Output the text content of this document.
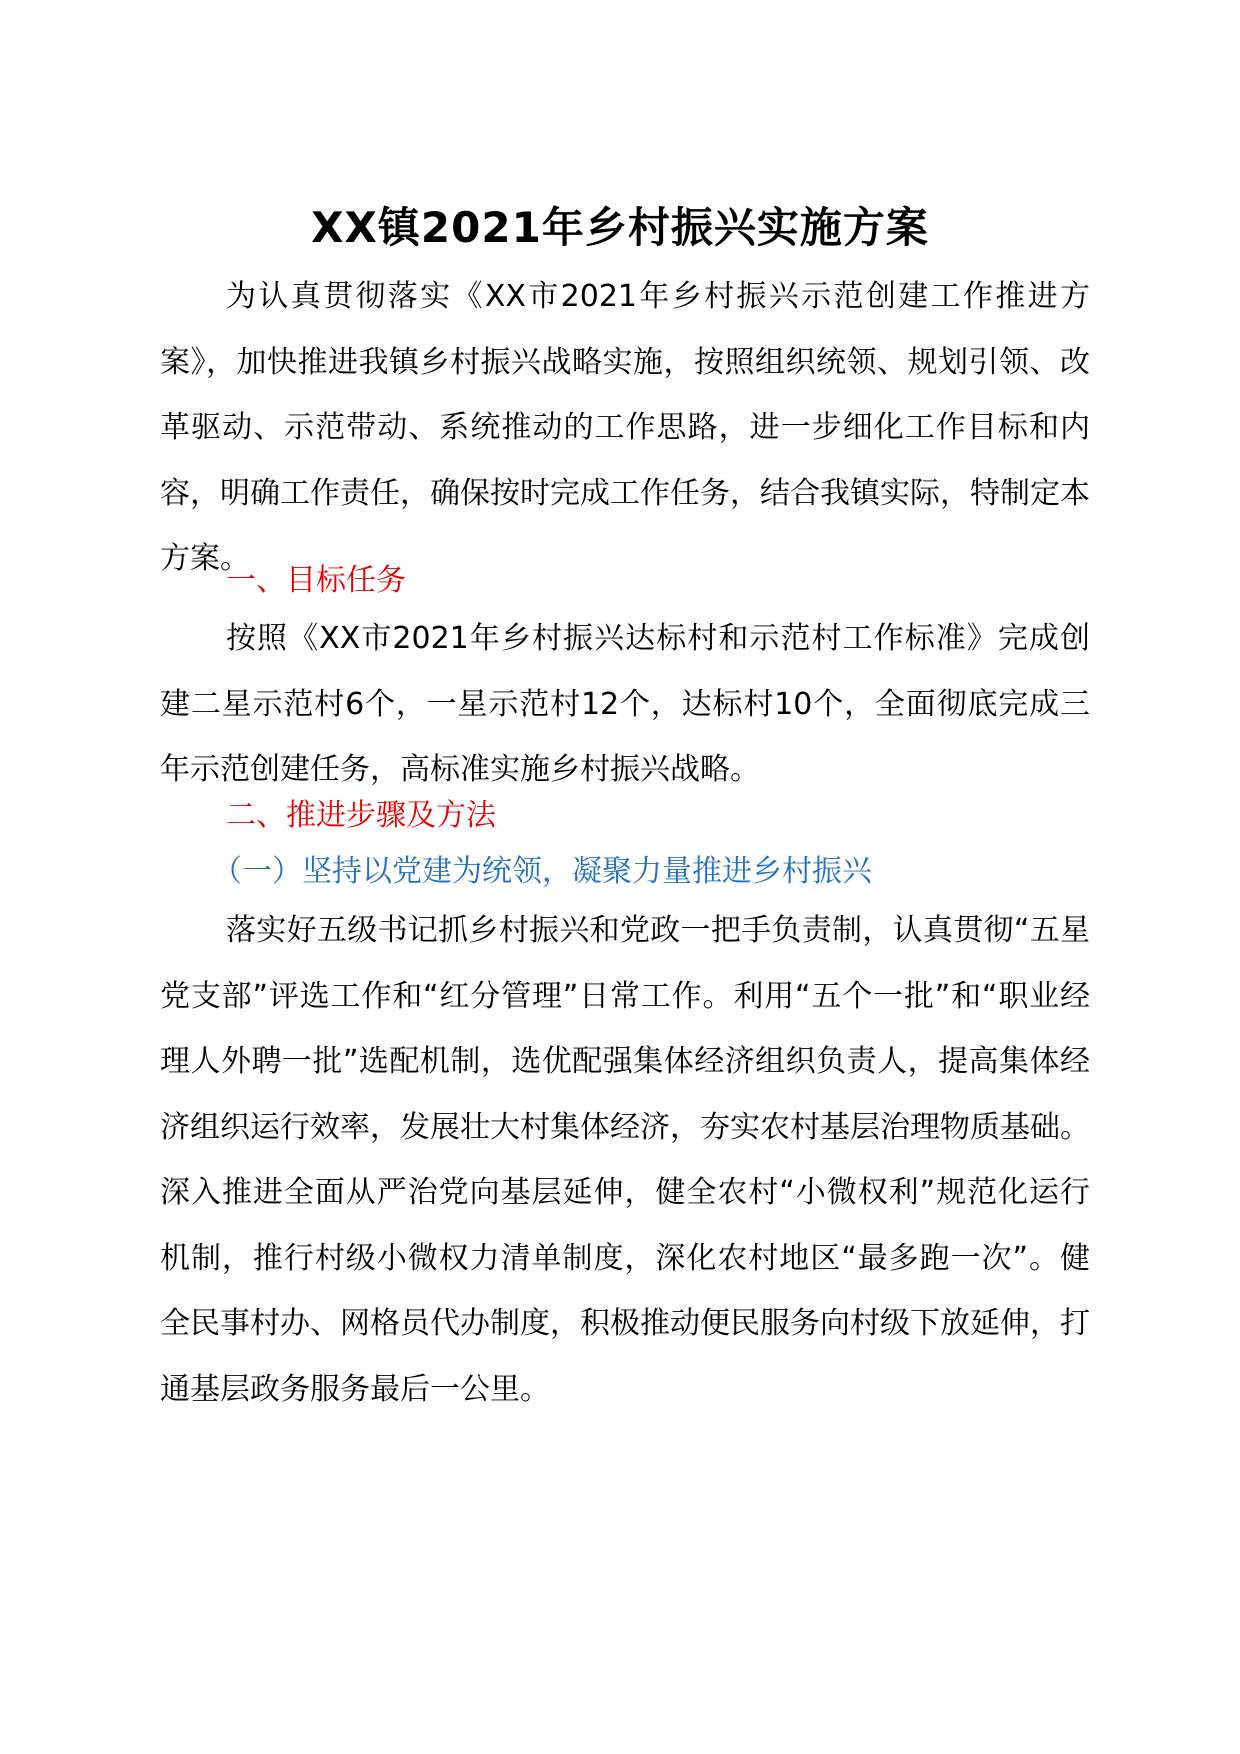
XX镇2021年乡村振兴实施方案

为认真贯彻落实《XX市2021年乡村振兴示范创建工作推进方案》，加快推进我镇乡村振兴战略实施，按照组织统领、规划引领、改革驱动、示范带动、系统推动的工作思路，进一步细化工作目标和内容，明确工作责任，确保按时完成工作任务，结合我镇实际，特制定本方案。

一、目标任务

按照《XX市2021年乡村振兴达标村和示范村工作标准》完成创建二星示范村6个，一星示范村12个，达标村10个，全面彻底完成三年示范创建任务，高标准实施乡村振兴战略。

二、推进步骤及方法

（一）坚持以党建为统领，凝聚力量推进乡村振兴

落实好五级书记抓乡村振兴和党政一把手负责制，认真贯彻“五星党支部”评选工作和“红分管理”日常工作。利用“五个一批”和“职业经理人外聘一批”选配机制，选优配强集体经济组织负责人，提高集体经济组织运行效率，发展壮大村集体经济，夯实农村基层治理物质基础。深入推进全面从严治党向基层延伸，健全农村“小微权利”规范化运行机制，推行村级小微权力清单制度，深化农村地区“最多跑一次”。健全民事村办、网格员代办制度，积极推动便民服务向村级下放延伸，打通基层政务服务最后一公里。
